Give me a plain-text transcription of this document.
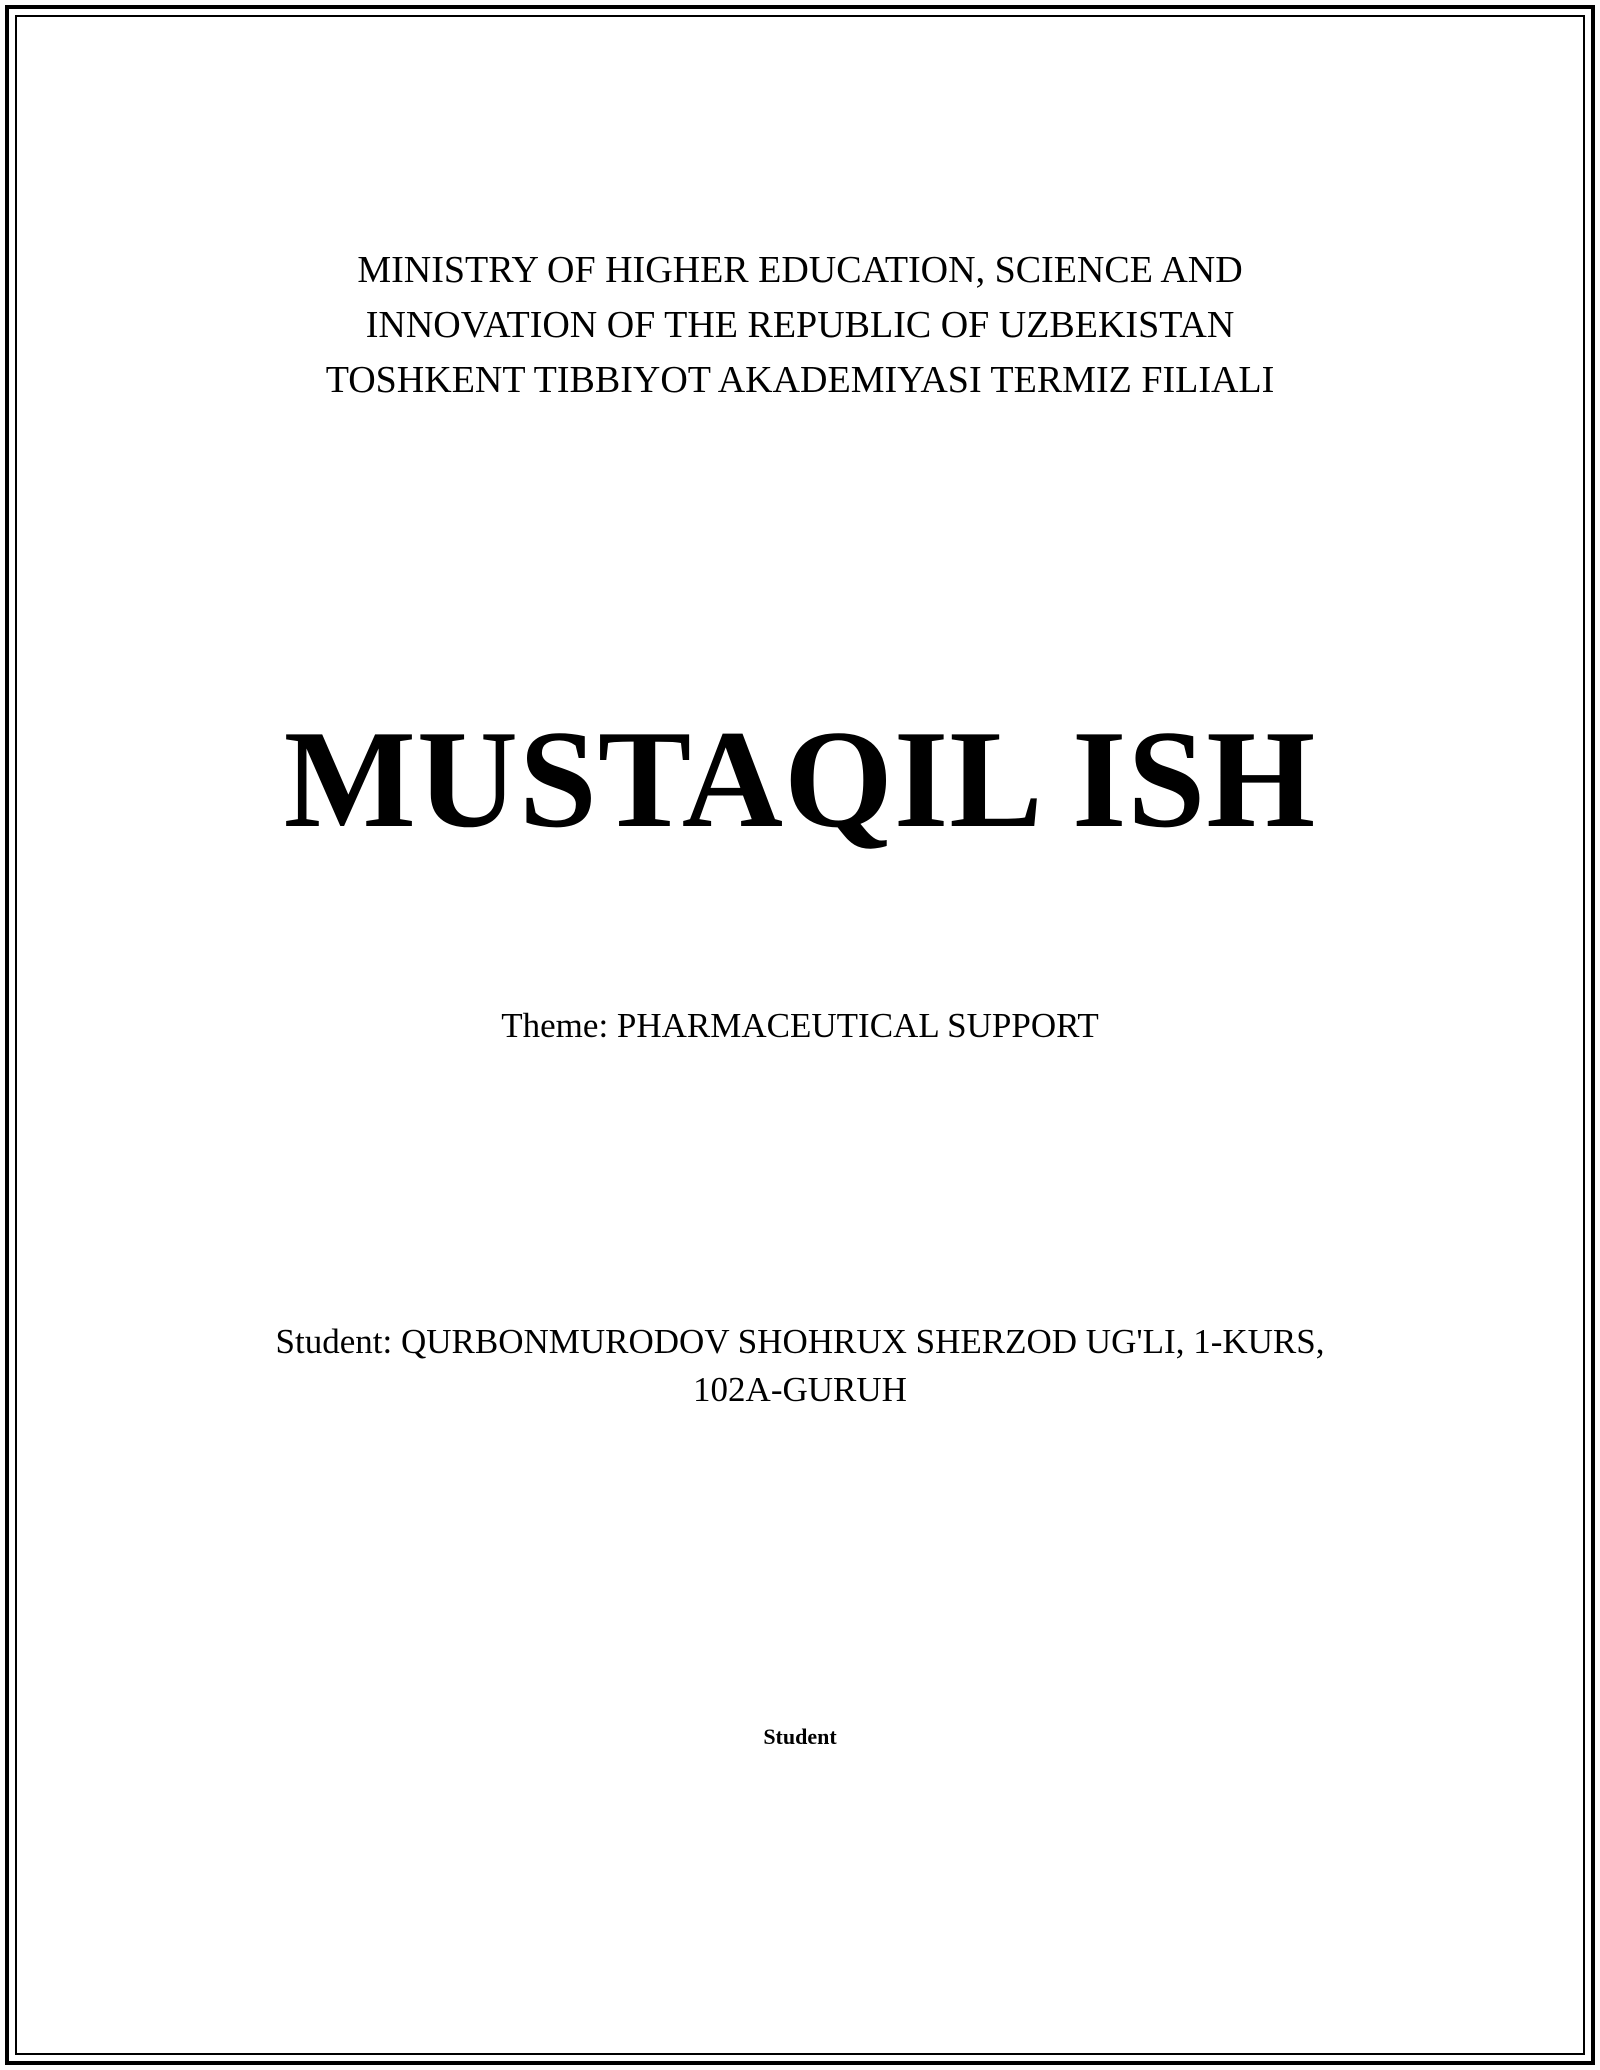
MINISTRY OF HIGHER EDUCATION, SCIENCE AND
INNOVATION OF THE REPUBLIC OF UZBEKISTAN
TOSHKENT TIBBIYOT AKADEMIYASI TERMIZ FILIALI
MUSTAQIL ISH
Theme: PHARMACEUTICAL SUPPORT
Student: QURBONMURODOV SHOHRUX SHERZOD UG'LI, 1-KURS,
102A-GURUH
Student
